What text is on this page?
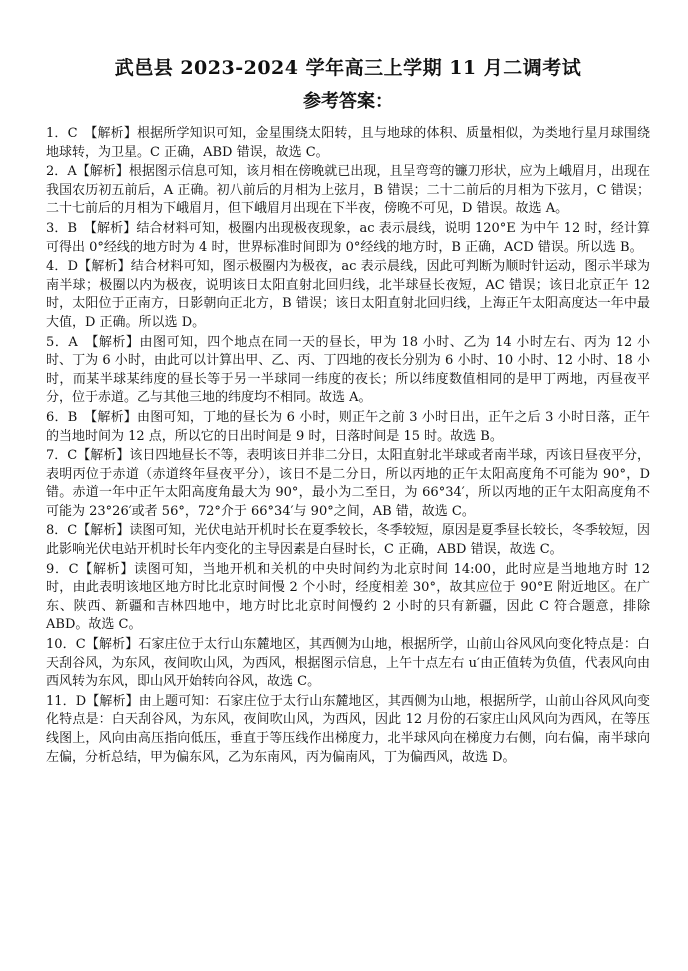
武邑县 2023-2024 学年高三上学期 11 月二调考试
参考答案：

1．C　【解析】根据所学知识可知，金星围绕太阳转，且与地球的体积、质量相似，为类地行星月球围绕地球转，为卫星。C 正确，ABD 错误，故选 C。

2．A【解析】根据图示信息可知，该月相在傍晚就已出现，且呈弯弯的镰刀形状，应为上峨眉月，出现在我国农历初五前后，A 正确。初八前后的月相为上弦月，B 错误；二十二前后的月相为下弦月，C 错误；二十七前后的月相为下峨眉月，但下峨眉月出现在下半夜，傍晚不可见，D 错误。故选 A。

3．B　【解析】结合材料可知，极圈内出现极夜现象，ac 表示晨线，说明 120°E 为中午 12 时，经计算可得出 0°经线的地方时为 4 时，世界标准时间即为 0°经线的地方时，B 正确，ACD 错误。所以选 B。

4．D【解析】结合材料可知，图示极圈内为极夜，ac 表示晨线，因此可判断为顺时针运动，图示半球为南半球；极圈以内为极夜，说明该日太阳直射北回归线，北半球昼长夜短，AC 错误；该日北京正午 12 时，太阳位于正南方，日影朝向正北方，B 错误；该日太阳直射北回归线，上海正午太阳高度达一年中最大值，D 正确。所以选 D。

5．A　【解析】由图可知，四个地点在同一天的昼长，甲为 18 小时、乙为 14 小时左右、丙为 12 小时、丁为 6 小时，由此可以计算出甲、乙、丙、丁四地的夜长分别为 6 小时、10 小时、12 小时、18 小时，而某半球某纬度的昼长等于另一半球同一纬度的夜长；所以纬度数值相同的是甲丁两地，丙昼夜平分，位于赤道。乙与其他三地的纬度均不相同。故选 A。

6．B　【解析】由图可知，丁地的昼长为 6 小时，则正午之前 3 小时日出，正午之后 3 小时日落，正午的当地时间为 12 点，所以它的日出时间是 9 时，日落时间是 15 时。故选 B。

7．C【解析】该日四地昼长不等，表明该日并非二分日，太阳直射北半球或者南半球，丙该日昼夜平分，表明丙位于赤道（赤道终年昼夜平分），该日不是二分日，所以丙地的正午太阳高度角不可能为 90°，D 错。赤道一年中正午太阳高度角最大为 90°，最小为二至日，为 66°34′，所以丙地的正午太阳高度角不可能为 23°26′或者 56°，72°介于 66°34′与 90°之间，AB 错，故选 C。

8．C【解析】读图可知，光伏电站开机时长在夏季较长，冬季较短，原因是夏季昼长较长，冬季较短，因此影响光伏电站开机时长年内变化的主导因素是白昼时长，C 正确，ABD 错误，故选 C。

9．C【解析】读图可知，当地开机和关机的中央时间约为北京时间 14:00，此时应是当地地方时 12 时，由此表明该地区地方时比北京时间慢 2 个小时，经度相差 30°，故其应位于 90°E 附近地区。在广东、陕西、新疆和吉林四地中，地方时比北京时间慢约 2 小时的只有新疆，因此 C 符合题意，排除 ABD。故选 C。

10．C【解析】石家庄位于太行山东麓地区，其西侧为山地，根据所学，山前山谷风风向变化特点是：白天刮谷风，为东风，夜间吹山风，为西风，根据图示信息，上午十点左右 u′由正值转为负值，代表风向由西风转为东风，即山风开始转向谷风，故选 C。

11．D【解析】由上题可知：石家庄位于太行山东麓地区，其西侧为山地，根据所学，山前山谷风风向变化特点是：白天刮谷风，为东风，夜间吹山风，为西风，因此 12 月份的石家庄山风风向为西风，在等压线图上，风向由高压指向低压，垂直于等压线作出梯度力，北半球风向在梯度力右侧，向右偏，南半球向左偏，分析总结，甲为偏东风，乙为东南风，丙为偏南风，丁为偏西风，故选 D。
